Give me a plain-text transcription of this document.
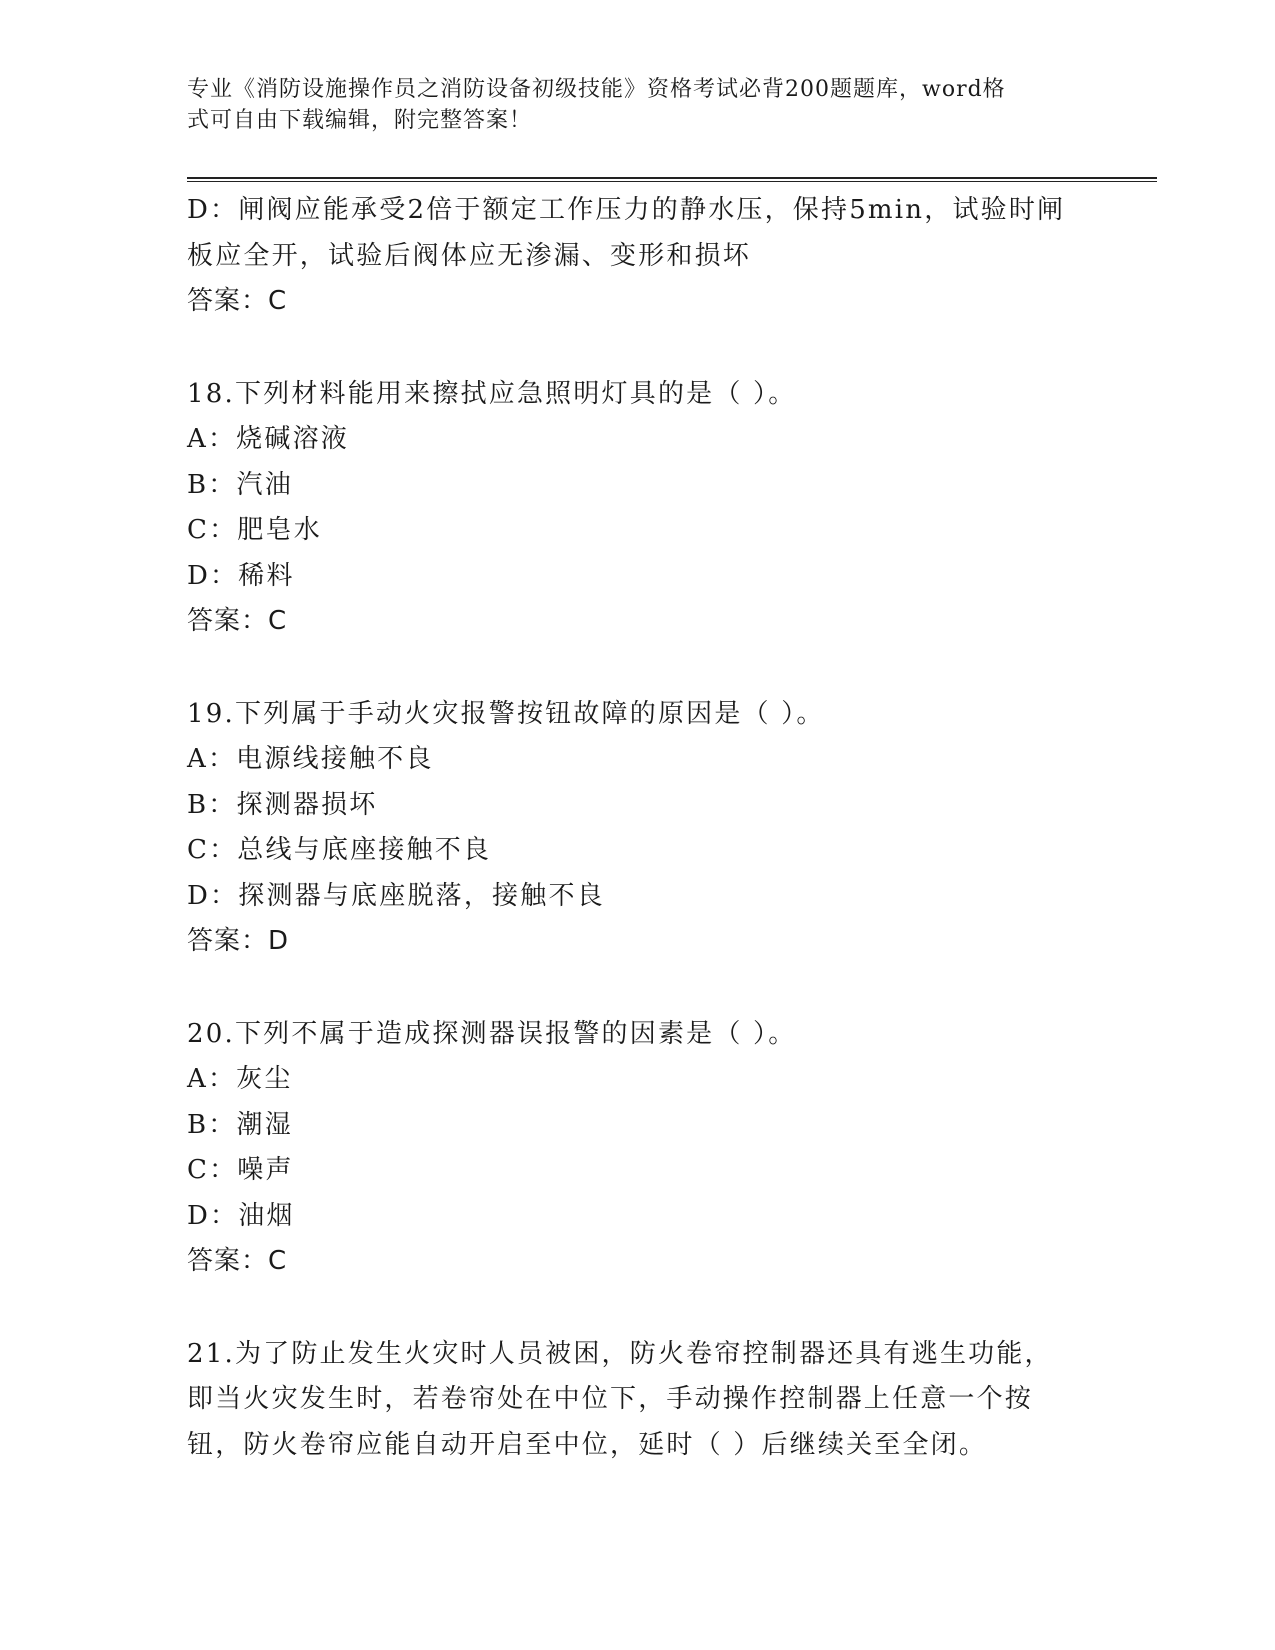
专业《消防设施操作员之消防设备初级技能》资格考试必背200题题库，word格
式可自由下载编辑，附完整答案！
D：闸阀应能承受2倍于额定工作压力的静水压，保持5min，试验时闸
板应全开，试验后阀体应无渗漏、变形和损坏
答案：C
18.下列材料能用来擦拭应急照明灯具的是（ ）。
A：烧碱溶液
B：汽油
C：肥皂水
D：稀料
答案：C
19.下列属于手动火灾报警按钮故障的原因是（ ）。
A：电源线接触不良
B：探测器损坏
C：总线与底座接触不良
D：探测器与底座脱落，接触不良
答案：D
20.下列不属于造成探测器误报警的因素是（ ）。
A：灰尘
B：潮湿
C：噪声
D：油烟
答案：C
21.为了防止发生火灾时人员被困，防火卷帘控制器还具有逃生功能，
即当火灾发生时，若卷帘处在中位下，手动操作控制器上任意一个按
钮，防火卷帘应能自动开启至中位，延时（ ）后继续关至全闭。
